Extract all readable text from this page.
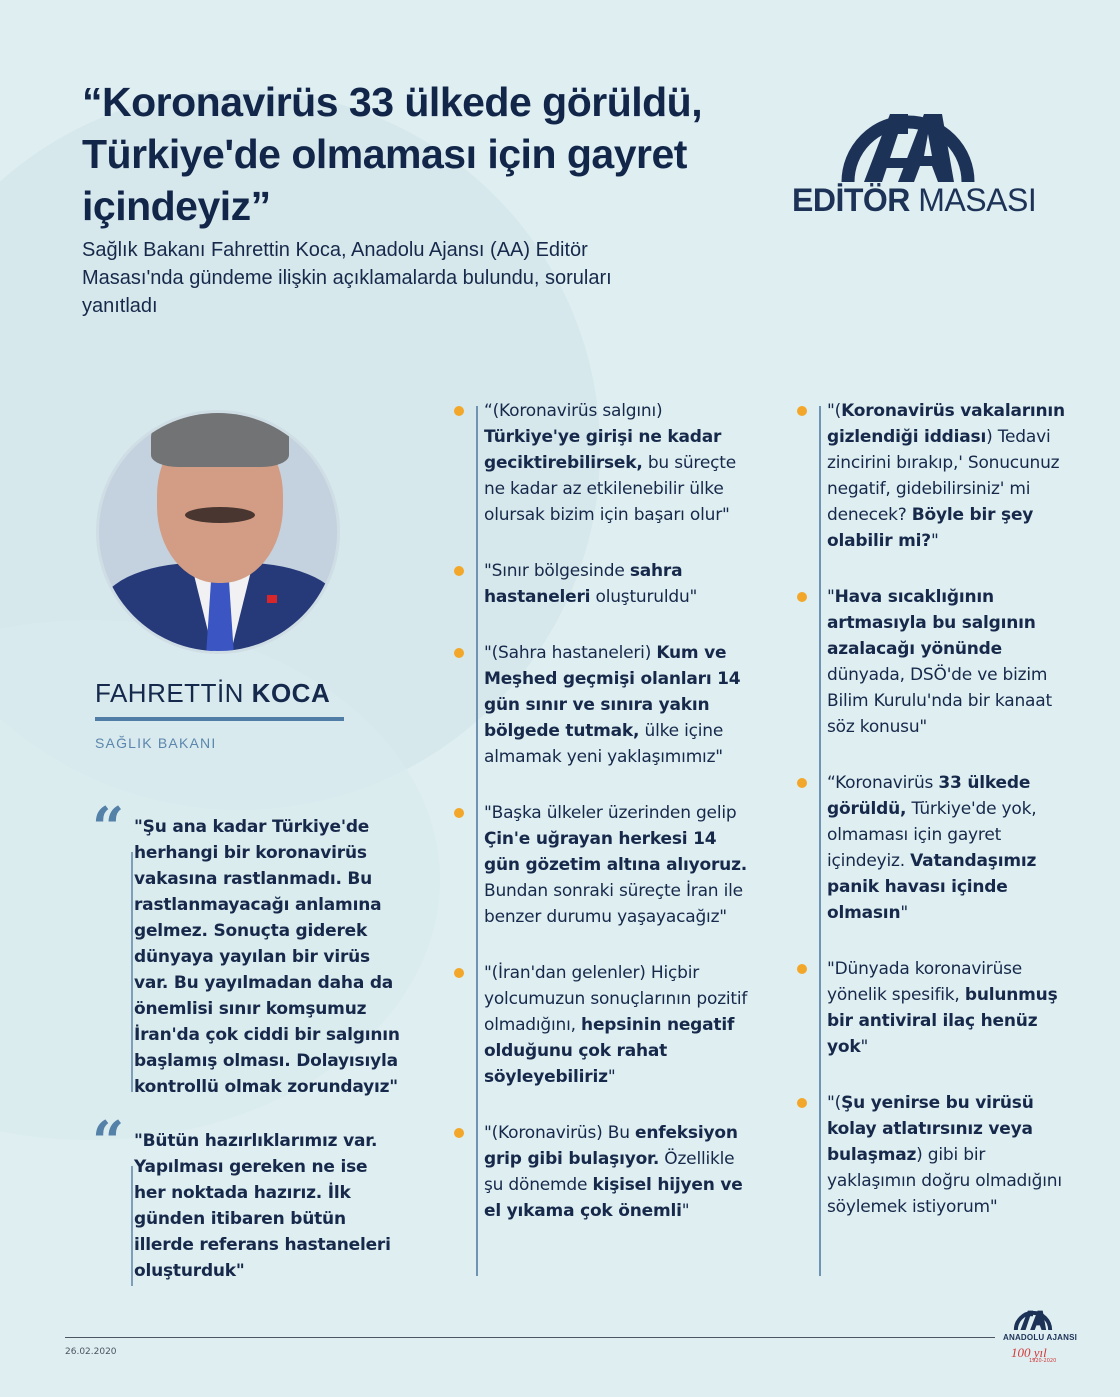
“Koronavirüs 33 ülkede görüldü, Türkiye'de olmaması için gayret içindeyiz”

Sağlık Bakanı Fahrettin Koca, Anadolu Ajansı (AA) Editör Masası'nda gündeme ilişkin açıklamalarda bulundu, soruları yanıtladı

EDİTÖR MASASI
FAHRETTİN KOCA
SAĞLIK BAKANI
“ "Şu ana kadar Türkiye'de herhangi bir koronavirüs vakasına rastlanmadı. Bu rastlanmayacağı anlamına gelmez. Sonuçta giderek dünyaya yayılan bir virüs var. Bu yayılmadan daha da önemlisi sınır komşumuz İran'da çok ciddi bir salgının başlamış olması. Dolayısıyla kontrollü olmak zorundayız"

“ "Bütün hazırlıklarımız var. Yapılması gereken ne ise her noktada hazırız. İlk günden itibaren bütün illerde referans hastaneleri oluşturduk"

“(Koronavirüs salgını) Türkiye'ye girişi ne kadar geciktirebilirsek, bu süreçte ne kadar az etkilenebilir ülke olursak bizim için başarı olur"

"Sınır bölgesinde sahra hastaneleri oluşturuldu"

"(Sahra hastaneleri) Kum ve Meşhed geçmişi olanları 14 gün sınır ve sınıra yakın bölgede tutmak, ülke içine almamak yeni yaklaşımımız"

"Başka ülkeler üzerinden gelip Çin'e uğrayan herkesi 14 gün gözetim altına alıyoruz. Bundan sonraki süreçte İran ile benzer durumu yaşayacağız"

"(İran'dan gelenler) Hiçbir yolcumuzun sonuçlarının pozitif olmadığını, hepsinin negatif olduğunu çok rahat söyleyebiliriz"

"(Koronavirüs) Bu enfeksiyon grip gibi bulaşıyor. Özellikle şu dönemde kişisel hijyen ve el yıkama çok önemli"

"(Koronavirüs vakalarının gizlendiği iddiası) Tedavi zincirini bırakıp,' Sonucunuz negatif, gidebilirsiniz' mi denecek? Böyle bir şey olabilir mi?"

"Hava sıcaklığının artmasıyla bu salgının azalacağı yönünde dünyada, DSÖ'de ve bizim Bilim Kurulu'nda bir kanaat söz konusu"

“Koronavirüs 33 ülkede görüldü, Türkiye'de yok, olmaması için gayret içindeyiz. Vatandaşımız panik havası içinde olmasın"

"Dünyada koronavirüse yönelik spesifik, bulunmuş bir antiviral ilaç henüz yok"

"(Şu yenirse bu virüsü kolay atlatırsınız veya bulaşmaz) gibi bir yaklaşımın doğru olmadığını söylemek istiyorum"

26.02.2020
ANADOLU AJANSI
100 yıl
1920-2020
